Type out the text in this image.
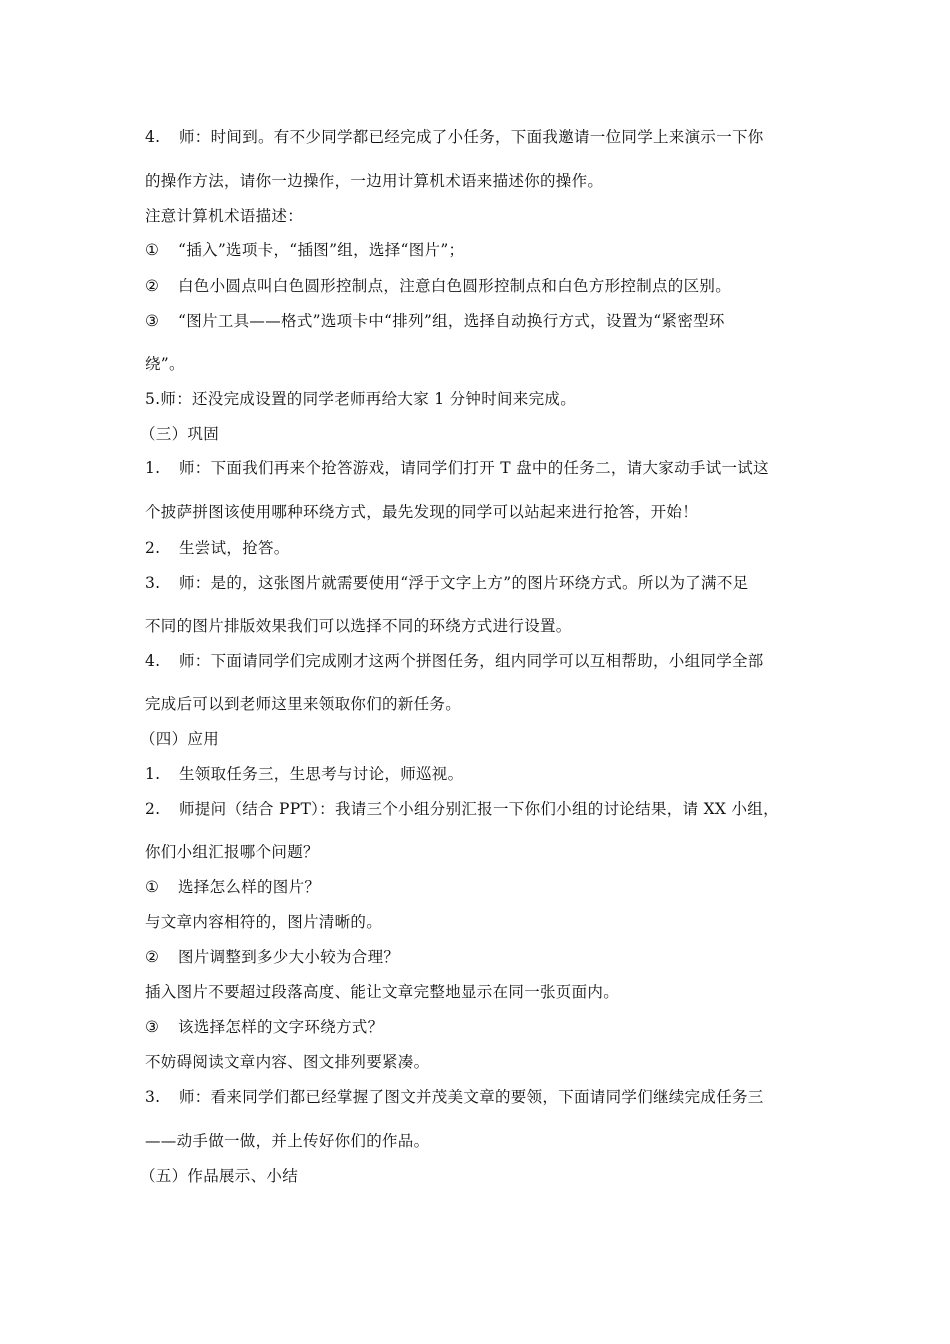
4. 师：时间到。有不少同学都已经完成了小任务，下面我邀请一位同学上来演示一下你
的操作方法，请你一边操作，一边用计算机术语来描述你的操作。
注意计算机术语描述：
① “插入”选项卡，“插图”组，选择“图片”；
② 白色小圆点叫白色圆形控制点，注意白色圆形控制点和白色方形控制点的区别。
③ “图片工具——格式”选项卡中“排列”组，选择自动换行方式，设置为“紧密型环
绕”。
5.师：还没完成设置的同学老师再给大家 1 分钟时间来完成。
（三）巩固
1. 师：下面我们再来个抢答游戏，请同学们打开 T 盘中的任务二，请大家动手试一试这
个披萨拼图该使用哪种环绕方式，最先发现的同学可以站起来进行抢答，开始！
2. 生尝试，抢答。
3. 师：是的，这张图片就需要使用“浮于文字上方”的图片环绕方式。所以为了满不足
不同的图片排版效果我们可以选择不同的环绕方式进行设置。
4. 师：下面请同学们完成刚才这两个拼图任务，组内同学可以互相帮助，小组同学全部
完成后可以到老师这里来领取你们的新任务。
（四）应用
1. 生领取任务三，生思考与讨论，师巡视。
2. 师提问（结合 PPT）：我请三个小组分别汇报一下你们小组的讨论结果，请 XX 小组，
你们小组汇报哪个问题？
① 选择怎么样的图片？
与文章内容相符的，图片清晰的。
② 图片调整到多少大小较为合理？
插入图片不要超过段落高度、能让文章完整地显示在同一张页面内。
③ 该选择怎样的文字环绕方式？
不妨碍阅读文章内容、图文排列要紧凑。
3. 师：看来同学们都已经掌握了图文并茂美文章的要领，下面请同学们继续完成任务三
——动手做一做，并上传好你们的作品。
（五）作品展示、小结
